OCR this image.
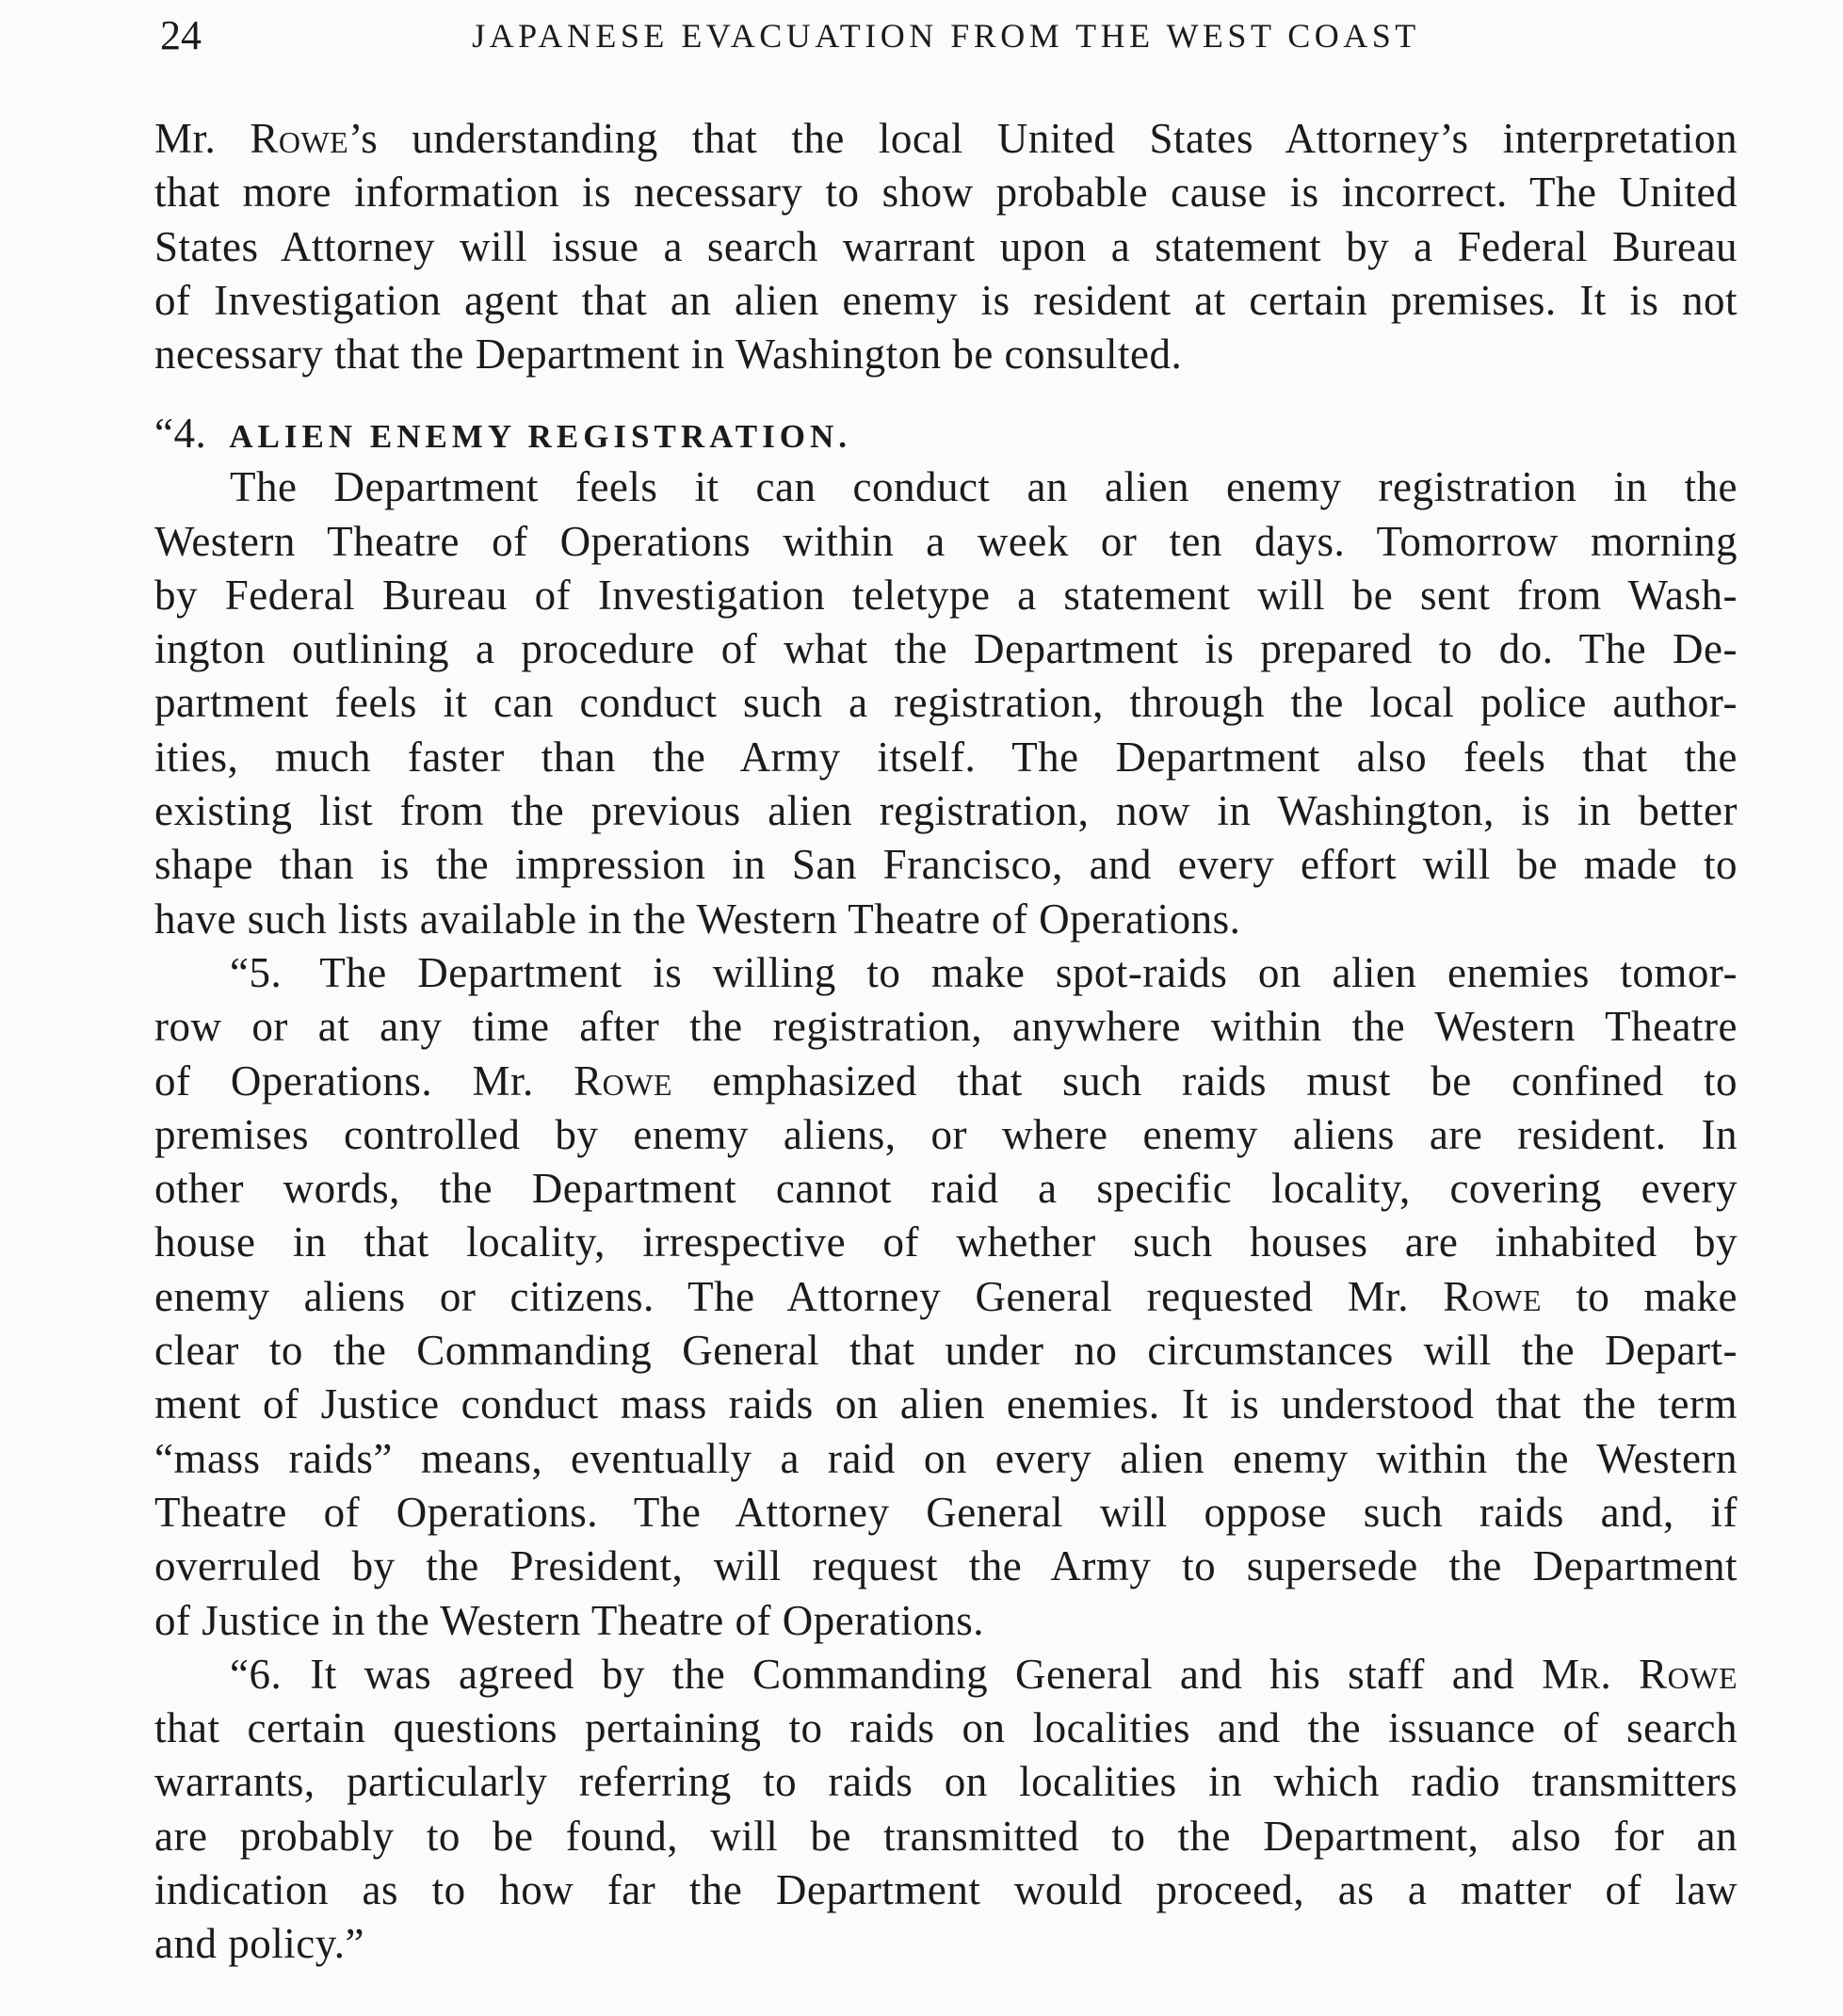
24	JAPANESE EVACUATION FROM THE WEST COAST
Mr. Rowe’s understanding that the local United States Attorney’s interpretation
that more information is necessary to show probable cause is incorrect. The United
States Attorney will issue a search warrant upon a statement by a Federal Bureau
of Investigation agent that an alien enemy is resident at certain premises. It is not
necessary that the Department in Washington be consulted.
“4. ALIEN ENEMY REGISTRATION.
The Department feels it can conduct an alien enemy registration in the
Western Theatre of Operations within a week or ten days. Tomorrow morning
by Federal Bureau of Investigation teletype a statement will be sent from Wash-
ington outlining a procedure of what the Department is prepared to do. The De-
partment feels it can conduct such a registration, through the local police author-
ities, much faster than the Army itself. The Department also feels that the
existing list from the previous alien registration, now in Washington, is in better
shape than is the impression in San Francisco, and every effort will be made to
have such lists available in the Western Theatre of Operations.
“5. The Department is willing to make spot-raids on alien enemies tomor-
row or at any time after the registration, anywhere within the Western Theatre
of Operations. Mr. Rowe emphasized that such raids must be confined to
premises controlled by enemy aliens, or where enemy aliens are resident. In
other words, the Department cannot raid a specific locality, covering every
house in that locality, irrespective of whether such houses are inhabited by
enemy aliens or citizens. The Attorney General requested Mr. Rowe to make
clear to the Commanding General that under no circumstances will the Depart-
ment of Justice conduct mass raids on alien enemies. It is understood that the term
“mass raids” means, eventually a raid on every alien enemy within the Western
Theatre of Operations. The Attorney General will oppose such raids and, if
overruled by the President, will request the Army to supersede the Department
of Justice in the Western Theatre of Operations.
“6. It was agreed by the Commanding General and his staff and Mr. Rowe
that certain questions pertaining to raids on localities and the issuance of search
warrants, particularly referring to raids on localities in which radio transmitters
are probably to be found, will be transmitted to the Department, also for an
indication as to how far the Department would proceed, as a matter of law
and policy.”
